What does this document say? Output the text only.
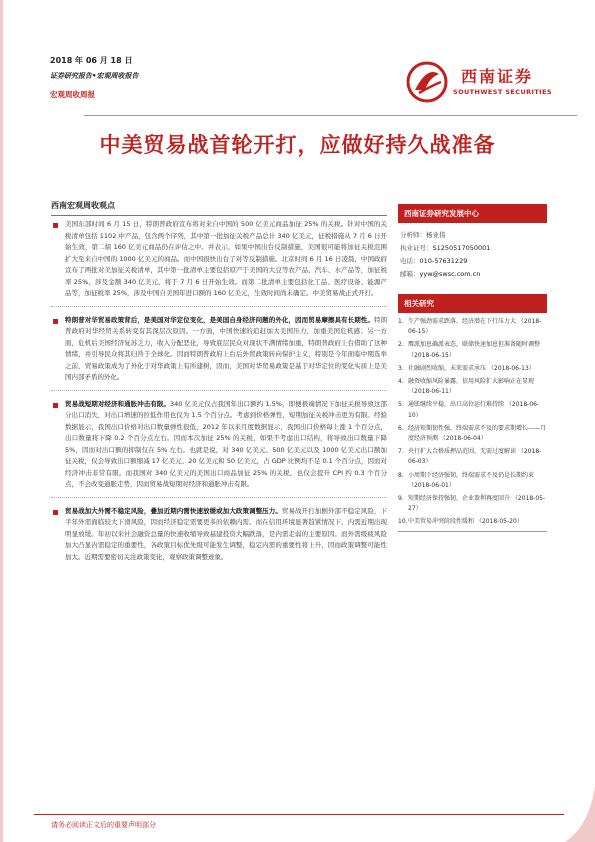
2018 年 06 月 18 日
证券研究报告•宏观周收报告
宏观周收周报
西南证券
SOUTHWEST SECURITIES
中美贸易战首轮开打，应做好持久战准备
西南宏观周收观点
美国东部时间 6 月 15 日，特朗普政府宣布将对来自中国的 500 亿美元商品加征 25% 的关税。针对中国的关税清单包括 1102 中产品，包含两个序列，其中第一批加征关税产品总计 340 亿美元，征税措施从 7 月 6 日开始生效，第二組 160 亿美元商品仍在评估之中。并表示，如果中国出台反制措施，美国很可能将加征关税范围扩大至来自中国的 1000 亿美元的商品。而中国很快出台了对等反制措施。北京时间 6 月 16 日凌晨，中国政府宣布了两批对美加征关税清单，其中第一批清单主要包括原产于美国的大豆等农产品、汽车、水产品等，加征税率 25%，涉及金额 340 亿美元，将于 7 月 6 日开始生效。而第二批清单主要包括化工品、医疗设备、能源产品等，加征税率 25%，涉及中国自美国年进口额的 160 亿美元，生效时间尚未确定。中美贸易战正式开打。
特朗普对华贸易政策背后，是美国对华定位变化，是美国自身经济问题的外化，因而贸易摩擦具有长期性。特朗普政府对华经贸关系转变有其深层次原因。一方面，中国快速的追赶加大美国压力，加重美国危机感；另一方面，危机后美国经济复苏乏力，收入分配恶化，导致底层民众对现状不满情绪加重，特朗普政府上台借助了这种情绪，并引导民众将其归咎于全球化。因而特朗普政府上台后外贸政策转向保护主义，特别是今年面临中期选举之前，贸易政策成为了外化于对华政策上有所建树，因而，美国对华贸易政策是基于对华定位的变化实质上是美国内部矛盾的外化。
贸易战短期对经济和通胀冲击有限。340 亿美元仅占我国年出口额约 1.5%，即便极端情况下加征关税导致这部分出口消失，对出口增速的拉低作用也仅为 1.5 个百分点。考虑到价格弹性，短期加征关税冲击更为有限。经验数据显示，我国出口价格对出口数量弹性很低，2012 年以来月度数据显示，我国出口价格每上涨 1 个百分点，出口数量将下降 0.2 个百分点左右。因而本次加征 25% 的关税，如果不考虑出口结构，将导致出口数量下降 5%，因而对出口额的抑制仅在 5% 左右。也就是说，对 340 亿美元、500 亿美元以及 1000 亿美元出口额加征关税，仅会导致出口额缩减 17 亿美元、20 亿美元和 50 亿美元，占 GDP 比例均不足 0.1 个百分点，因而对经济冲击非常有限。而我国对 340 亿美元的美国出口商品加征 25% 的关税，也仅会提升 CPI 约 0.3 个百分点，不会改变通胀走势，因而贸易战短期对经济和通胀冲击有限。
贸易战加大外需不稳定风险，叠加近期内需快速放缓或加大政策调整压力。贸易战开打加剧外部不稳定风险，下半年外需面临较大下滑风险，因而经济稳定需要更多的依赖内需。而在信用环境显著趋紧情况下，内需近期出现明显放缓。年初以来社会融资总量的快速收缩导致基建投资大幅跌落，是内需走弱的主要原因。而外需级疲风险加大凸显内需稳定的重要性，各政策目标优先级可能发生调整，稳定内需的重要性将上升，因而政策调整可能性加大。近期需要密切关注政策变化，观察政策调整迹象。
西南证券研究发展中心
分析师：杨业伟
执业证号：S1250517050001
电话：010-57631229
邮箱：yyw@swsc.com.cn
相关研究
1. 生产强劲需求跌落，经济潜在下行压力大 （2018-06-15）
2. 鹰派加息确派表态，联储快速加息但准备随时调整 （2018-06-15）
3. 社融剧烈收缩，未来需求承压 （2018-06-13）
4. 融资收缩风险暴露，信用风险扩大影响正在显现 （2018-06-11）
5. 通胀继续平稳，出口高位运行难持续 （2018-06-10）
6. 经济短期韧性强，终端需求不及的要求期增长——月度经济预测 （2018-06-04）
7. 央行扩大合格质押品范围，无需过度解读 （2018-06-03）
8. 小周期下经济强韧，终端需求不及仍是长期约束 （2018-06-01）
9. 短期经济保持强韧，企业盈利再度回升 （2018-05-27）
10. 中美贸易冲突阶段性缓和 （2018-05-20）
请务必阅读正文后的重要声明部分
